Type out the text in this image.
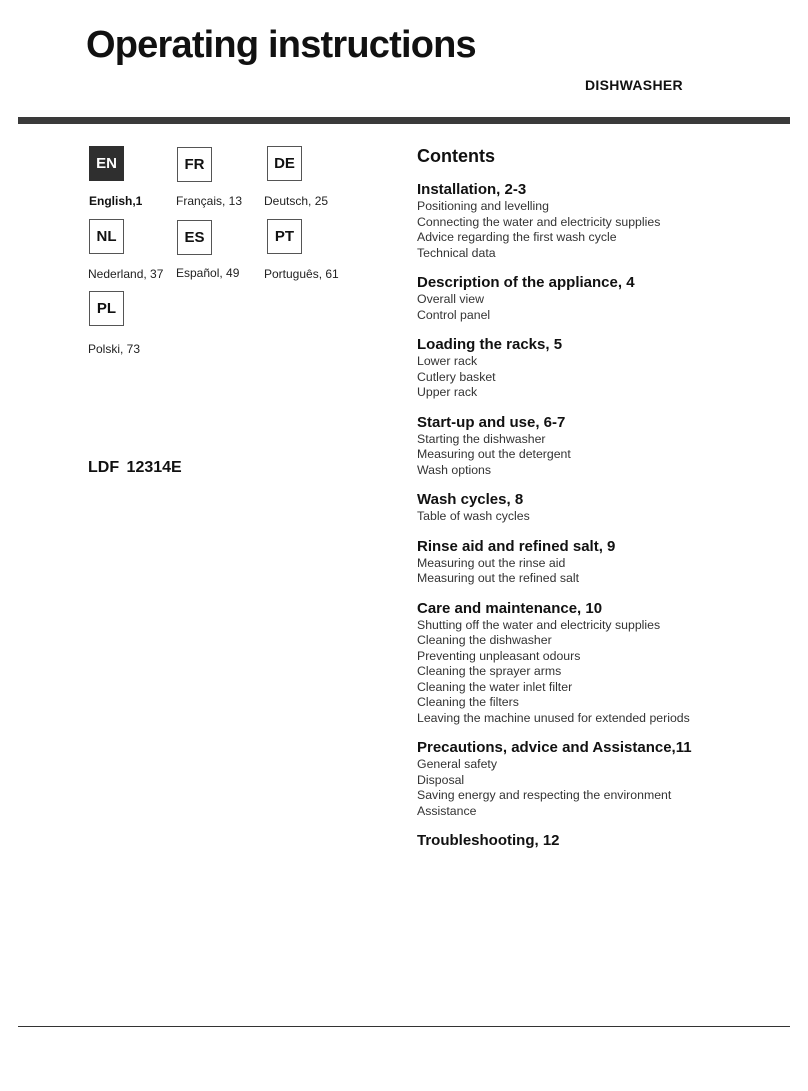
Operating instructions
DISHWASHER
EN	FR	DE
English,1	Français, 13 Deutsch, 25
NL	ES	PT
Nederland, 37 Español, 49 Português, 61
PL
Polski, 73
LDF 12314E
Contents
Installation, 2-3
Positioning and levelling
Connecting the water and electricity supplies
Advice regarding the first wash cycle
Technical data
Description of the appliance, 4
Overall view
Control panel
Loading the racks, 5
Lower rack
Cutlery basket
Upper rack
Start-up and use, 6-7
Starting the dishwasher
Measuring out the detergent
Wash options
Wash cycles, 8
Table of wash cycles
Rinse aid and refined salt, 9
Measuring out the rinse aid
Measuring out the refined salt
Care and maintenance, 10
Shutting off the water and electricity supplies
Cleaning the dishwasher
Preventing unpleasant odours
Cleaning the sprayer arms
Cleaning the water inlet filter
Cleaning the filters
Leaving the machine unused for extended periods
Precautions, advice and Assistance,11
General safety
Disposal
Saving energy and respecting the environment
Assistance
Troubleshooting, 12
